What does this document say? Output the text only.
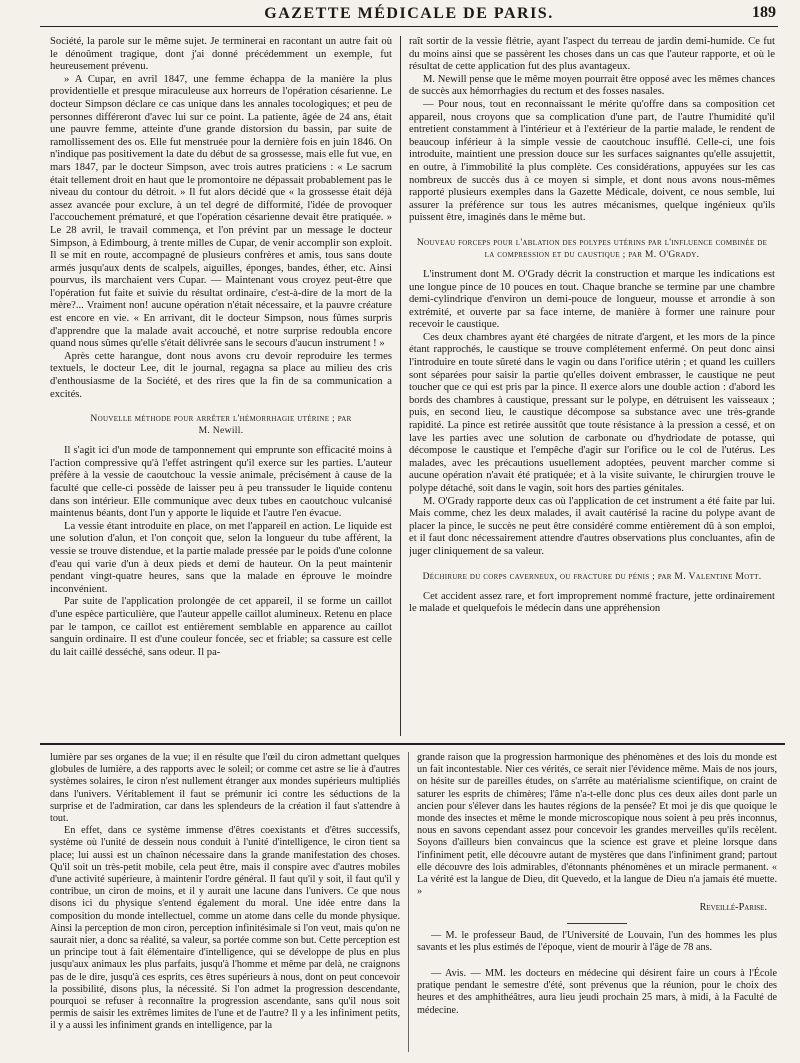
GAZETTE MÉDICALE DE PARIS.	189

Société, la parole sur le même sujet. Je terminerai en racontant un autre fait où le dénoûment tragique, dont j'ai donné précédemment un exemple, fut heureusement prévenu.

» A Cupar, en avril 1847, une femme échappa de la manière la plus providentielle et presque miraculeuse aux horreurs de l'opération césarienne. Le docteur Simpson déclare ce cas unique dans les annales tocologiques; et peu de personnes différeront d'avec lui sur ce point. La patiente, âgée de 24 ans, était une pauvre femme, atteinte d'une grande distorsion du bassin, par suite de ramollissement des os. Elle fut menstruée pour la dernière fois en juin 1846. On n'indique pas positivement la date du début de sa grossesse, mais elle fut vue, en mars 1847, par le docteur Simpson, avec trois autres praticiens : « Le sacrum était tellement droit en haut que le promontoire ne dépassait probablement pas le niveau du contour du détroit. » Il fut alors décidé que « la grossesse était déjà assez avancée pour exclure, à un tel degré de difformité, l'idée de provoquer l'accouchement prématuré, et que l'opération césarienne devait être pratiquée. » Le 28 avril, le travail commença, et l'on prévint par un message le docteur Simpson, à Edimbourg, à trente milles de Cupar, de venir accomplir son exploit. Il se mit en route, accompagné de plusieurs confrères et amis, tous sans doute armés jusqu'aux dents de scalpels, aiguilles, éponges, bandes, éther, etc. Ainsi pourvus, ils marchaient vers Cupar. — Maintenant vous croyez peut-être que l'opération fut faite et suivie du résultat ordinaire, c'est-à-dire de la mort de la mère?... Vraiment non! aucune opération n'était nécessaire, et la pauvre créature est encore en vie. « En arrivant, dit le docteur Simpson, nous fûmes surpris d'apprendre que la malade avait accouché, et notre surprise redoubla encore quand nous sûmes qu'elle s'était délivrée sans le secours d'aucun instrument ! »

Après cette harangue, dont nous avons cru devoir reproduire les termes textuels, le docteur Lee, dit le journal, regagna sa place au milieu des cris d'enthousiasme de la Société, et des rires que la fin de sa communication a excités.

Nouvelle méthode pour arrêter l'hémorrhagie utérine ; par
M. Newill.

Il s'agit ici d'un mode de tamponnement qui emprunte son efficacité moins à l'action compressive qu'à l'effet astringent qu'il exerce sur les parties. L'auteur préfère à la vessie de caoutchouc la vessie animale, précisément à cause de la faculté que celle-ci possède de laisser peu à peu transsuder le liquide contenu dans son intérieur. Elle communique avec deux tubes en caoutchouc vulcanisé maintenus béants, dont l'un y apporte le liquide et l'autre l'en évacue.

La vessie étant introduite en place, on met l'appareil en action. Le liquide est une solution d'alun, et l'on conçoit que, selon la longueur du tube afférent, la vessie se trouve distendue, et la partie malade pressée par le poids d'une colonne d'eau qui varie d'un à deux pieds et demi de hauteur. On la peut maintenir pendant vingt-quatre heures, sans que la malade en éprouve le moindre inconvénient.

Par suite de l'application prolongée de cet appareil, il se forme un caillot d'une espèce particulière, que l'auteur appelle caillot alumineux. Retenu en place par le tampon, ce caillot est entièrement semblable en apparence au caillot sanguin ordinaire. Il est d'une couleur foncée, sec et friable; sa cassure est celle du lait caillé desséché, sans odeur. Il pa-

raît sortir de la vessie flétrie, ayant l'aspect du terreau de jardin demi-humide. Ce fut du moins ainsi que se passèrent les choses dans un cas que l'auteur rapporte, et où le résultat de cette application fut des plus avantageux.

M. Newill pense que le même moyen pourrait être opposé avec les mêmes chances de succès aux hémorrhagies du rectum et des fosses nasales.

— Pour nous, tout en reconnaissant le mérite qu'offre dans sa composition cet appareil, nous croyons que sa complication d'une part, de l'autre l'humidité qu'il entretient constamment à l'intérieur et à l'extérieur de la partie malade, le rendent de beaucoup inférieur à la simple vessie de caoutchouc insufflé. Celle-ci, une fois introduite, maintient une pression douce sur les surfaces saignantes qu'elle assujettit, en outre, à l'immobilité la plus complète. Ces considérations, appuyées sur les cas nombreux de succès dus à ce moyen si simple, et dont nous avons nous-mêmes rapporté plusieurs exemples dans la Gazette Médicale, doivent, ce nous semble, lui assurer la préférence sur tous les autres mécanismes, quelque ingénieux qu'ils puissent être, imaginés dans le même but.

Nouveau forceps pour l'ablation des polypes utérins par l'influence combinée de la compression et du caustique ; par M. O'Grady.

L'instrument dont M. O'Grady décrit la construction et marque les indications est une longue pince de 10 pouces en tout. Chaque branche se termine par une chambre demi-cylindrique d'environ un demi-pouce de longueur, mousse et arrondie à son extrémité, et ouverte par sa face interne, de manière à former une rainure pour recevoir le caustique.

Ces deux chambres ayant été chargées de nitrate d'argent, et les mors de la pince étant rapprochés, le caustique se trouve complétement enfermé. On peut donc ainsi l'introduire en toute sûreté dans le vagin ou dans l'orifice utérin ; et quand les cuillers sont séparées pour saisir la partie qu'elles doivent embrasser, le caustique ne peut toucher que ce qui est pris par la pince. Il exerce alors une double action : d'abord les bords des chambres à caustique, pressant sur le polype, en détruisent les vaisseaux ; puis, en second lieu, le caustique décompose sa substance avec une très-grande rapidité. La pince est retirée aussitôt que toute résistance à la pression a cessé, et on lave les parties avec une solution de carbonate ou d'hydriodate de potasse, qui décompose le caustique et l'empêche d'agir sur l'orifice ou le col de l'utérus. Les malades, avec les précautions usuellement adoptées, peuvent marcher comme si aucune opération n'avait été pratiquée; et à la visite suivante, le chirurgien trouve le polype détaché, soit dans le vagin, soit hors des parties génitales.

M. O'Grady rapporte deux cas où l'application de cet instrument a été faite par lui. Mais comme, chez les deux malades, il avait cautérisé la racine du polype avant de placer la pince, le succès ne peut être considéré comme entièrement dû à son emploi, et il faut donc nécessairement attendre d'autres observations plus concluantes, afin de juger cliniquement de sa valeur.

Déchirure du corps caverneux, ou fracture du pénis ; par M. Valentine Mott.

Cet accident assez rare, et fort improprement nommé fracture, jette ordinairement le malade et quelquefois le médecin dans une appréhension

lumière par ses organes de la vue; il en résulte que l'œil du ciron admettant quelques globules de lumière, a des rapports avec le soleil; or comme cet astre se lie à d'autres systèmes solaires, le ciron n'est nullement étranger aux mondes supérieurs multipliés dans l'univers. Véritablement il faut se prémunir ici contre les séductions de la surprise et de l'admiration, car dans les splendeurs de la création il faut s'attendre à tout.

En effet, dans ce système immense d'êtres coexistants et d'êtres successifs, système où l'unité de dessein nous conduit à l'unité d'intelligence, le ciron tient sa place; lui aussi est un chaînon nécessaire dans la grande manifestation des choses. Qu'il soit un très-petit mobile, cela peut être, mais il conspire avec d'autres mobiles d'une activité supérieure, à maintenir l'ordre général. Il faut qu'il y soit, il faut qu'il y contribue, un ciron de moins, et il y aurait une lacune dans l'univers. Ce que nous disons ici du physique s'entend également du moral. Une idée entre dans la composition du monde intellectuel, comme un atome dans celle du monde physique. Ainsi la perception de mon ciron, perception infinitésimale si l'on veut, mais qu'on ne saurait nier, a donc sa réalité, sa valeur, sa portée comme son but. Cette perception est un principe tout à fait élémentaire d'intelligence, qui se développe de plus en plus jusqu'aux animaux les plus parfaits, jusqu'à l'homme et même par delà, ne craignons pas de le dire, jusqu'à ces esprits, ces êtres supérieurs à nous, dont on peut concevoir la possibilité, disons plus, la nécessité. Si l'on admet la progression descendante, pourquoi se refuser à reconnaître la progression ascendante, sans qu'il nous soit permis de saisir les extrêmes limites de l'une et de l'autre? Il y a les infiniment petits, il y a aussi les infiniment grands en intelligence, par la

grande raison que la progression harmonique des phénomènes et des lois du monde est un fait incontestable. Nier ces vérités, ce serait nier l'évidence même. Mais de nos jours, on hésite sur de pareilles études, on s'arrête au matérialisme scientifique, on craint de saturer les esprits de chimères; l'âme n'a-t-elle donc plus ces deux ailes dont parle un ancien pour s'élever dans les hautes régions de la pensée? Et moi je dis que quoique le monde des insectes et même le monde microscopique nous soient à peu près inconnus, nous en savons cependant assez pour concevoir les grandes merveilles qu'ils recèlent. Soyons d'ailleurs bien convaincus que la science est grave et pleine lorsque dans l'infiniment petit, elle découvre autant de mystères que dans l'infiniment grand; partout elle découvre des lois admirables, d'étonnants phénomènes et un miracle permanent. « La vérité est la langue de Dieu, dit Quevedo, et la langue de Dieu n'a jamais été muette. »

Reveillé-Parise.

— M. le professeur Baud, de l'Université de Louvain, l'un des hommes les plus savants et les plus estimés de l'époque, vient de mourir à l'âge de 78 ans.

— Avis. — MM. les docteurs en médecine qui désirent faire un cours à l'École pratique pendant le semestre d'été, sont prévenus que la réunion, pour le choix des heures et des amphithéâtres, aura lieu jeudi prochain 25 mars, à midi, à la Faculté de médecine.
